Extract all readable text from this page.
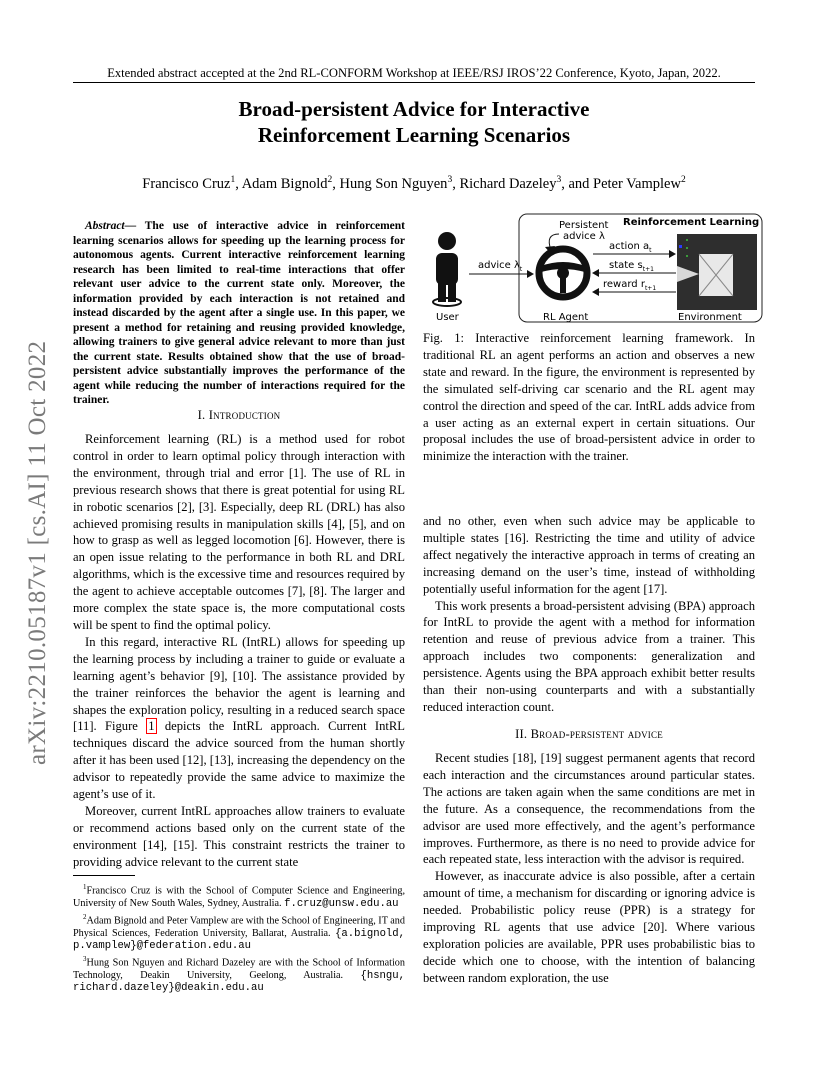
Extended abstract accepted at the 2nd RL-CONFORM Workshop at IEEE/RSJ IROS’22 Conference, Kyoto, Japan, 2022.
Broad-persistent Advice for Interactive
Reinforcement Learning Scenarios
Francisco Cruz$^1$, Adam Bignold$^2$, Hung Son Nguyen$^3$, Richard Dazeley$^3$, and Peter Vamplew$^2$
arXiv:2210.05187v1 [cs.AI] 11 Oct 2022
Abstract— The use of interactive advice in reinforcement learning scenarios allows for speeding up the learning process for autonomous agents. Current interactive reinforcement learning research has been limited to real-time interactions that offer relevant user advice to the current state only. Moreover, the information provided by each interaction is not retained and instead discarded by the agent after a single use. In this paper, we present a method for retaining and reusing provided knowledge, allowing trainers to give general advice relevant to more than just the current state. Results obtained show that the use of broad-persistent advice substantially improves the performance of the agent while reducing the number of interactions required for the trainer.
I. Introduction

Reinforcement learning (RL) is a method used for robot control in order to learn optimal policy through interaction with the environment, through trial and error [1]. The use of RL in previous research shows that there is great potential for using RL in robotic scenarios [2], [3]. Especially, deep RL (DRL) has also achieved promising results in manipulation skills [4], [5], and on how to grasp as well as legged locomotion [6]. However, there is an open issue relating to the performance in both RL and DRL algorithms, which is the excessive time and resources required by the agent to achieve acceptable outcomes [7], [8]. The larger and more complex the state space is, the more computational costs will be spent to find the optimal policy.

In this regard, interactive RL (IntRL) allows for speeding up the learning process by including a trainer to guide or evaluate a learning agent’s behavior [9], [10]. The assistance provided by the trainer reinforces the behavior the agent is learning and shapes the exploration policy, resulting in a reduced search space [11]. Figure 1 depicts the IntRL approach. Current IntRL techniques discard the advice sourced from the human shortly after it has been used [12], [13], increasing the dependency on the advisor to repeatedly provide the same advice to maximize the agent’s use of it.

Moreover, current IntRL approaches allow trainers to evaluate or recommend actions based only on the current state of the environment [14], [15]. This constraint restricts the trainer to providing advice relevant to the current state

$^1$Francisco Cruz is with the School of Computer Science and Engineering, University of New South Wales, Sydney, Australia. f.cruz@unsw.edu.au

$^2$Adam Bignold and Peter Vamplew are with the School of Engineering, IT and Physical Sciences, Federation University, Ballarat, Australia. {a.bignold, p.vamplew}@federation.edu.au

$^3$Hung Son Nguyen and Richard Dazeley are with the School of Information Technology, Deakin University, Geelong, Australia. {hsngu, richard.dazeley}@deakin.edu.au

Reinforcement Learning
Persistent
advice λ
User
advice $\lambda_t$
RL Agent
action $a_t$
state $s_{t+1}$
reward $r_{t+1}$
Environment
Fig. 1: Interactive reinforcement learning framework. In traditional RL an agent performs an action and observes a new state and reward. In the figure, the environment is represented by the simulated self-driving car scenario and the RL agent may control the direction and speed of the car. IntRL adds advice from a user acting as an external expert in certain situations. Our proposal includes the use of broad-persistent advice in order to minimize the interaction with the trainer.

and no other, even when such advice may be applicable to multiple states [16]. Restricting the time and utility of advice affect negatively the interactive approach in terms of creating an increasing demand on the user’s time, instead of withholding potentially useful information for the agent [17].

This work presents a broad-persistent advising (BPA) approach for IntRL to provide the agent with a method for information retention and reuse of previous advice from a trainer. This approach includes two components: generalization and persistence. Agents using the BPA approach exhibit better results than their non-using counterparts and with a substantially reduced interaction count.

II. Broad-persistent advice

Recent studies [18], [19] suggest permanent agents that record each interaction and the circumstances around particular states. The actions are taken again when the same conditions are met in the future. As a consequence, the recommendations from the advisor are used more effectively, and the agent’s performance improves. Furthermore, as there is no need to provide advice for each repeated state, less interaction with the advisor is required.

However, as inaccurate advice is also possible, after a certain amount of time, a mechanism for discarding or ignoring advice is needed. Probabilistic policy reuse (PPR) is a strategy for improving RL agents that use advice [20]. Where various exploration policies are available, PPR uses probabilistic bias to decide which one to choose, with the intention of balancing between random exploration, the use
